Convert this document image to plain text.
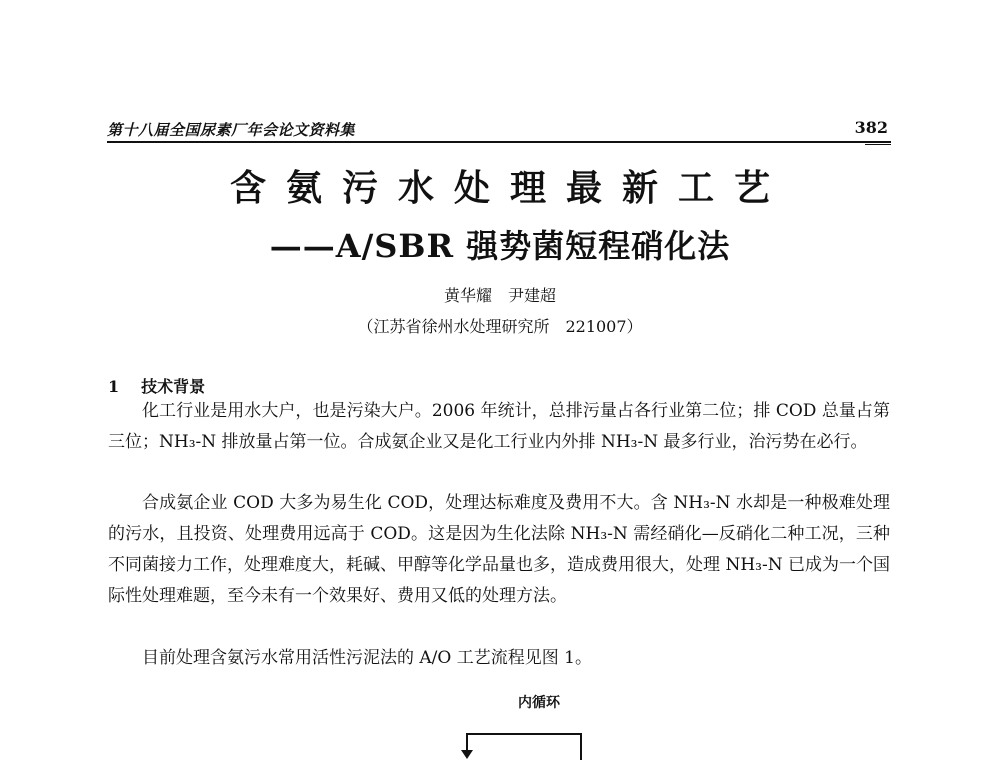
第十八届全国尿素厂年会论文资料集	382
含氨污水处理最新工艺
——A/SBR 强势菌短程硝化法
黄华耀　尹建超
（江苏省徐州水处理研究所　221007）
1 技术背景
化工行业是用水大户，也是污染大户。2006 年统计，总排污量占各行业第二位；排 COD 总量占第三位；NH₃-N 排放量占第一位。合成氨企业又是化工行业内外排 NH₃-N 最多行业，治污势在必行。
合成氨企业 COD 大多为易生化 COD，处理达标难度及费用不大。含 NH₃-N 水却是一种极难处理的污水，且投资、处理费用远高于 COD。这是因为生化法除 NH₃-N 需经硝化—反硝化二种工况，三种不同菌接力工作，处理难度大，耗碱、甲醇等化学品量也多，造成费用很大，处理 NH₃-N 已成为一个国际性处理难题，至今未有一个效果好、费用又低的处理方法。
目前处理含氨污水常用活性污泥法的 A/O 工艺流程见图 1。
内循环
